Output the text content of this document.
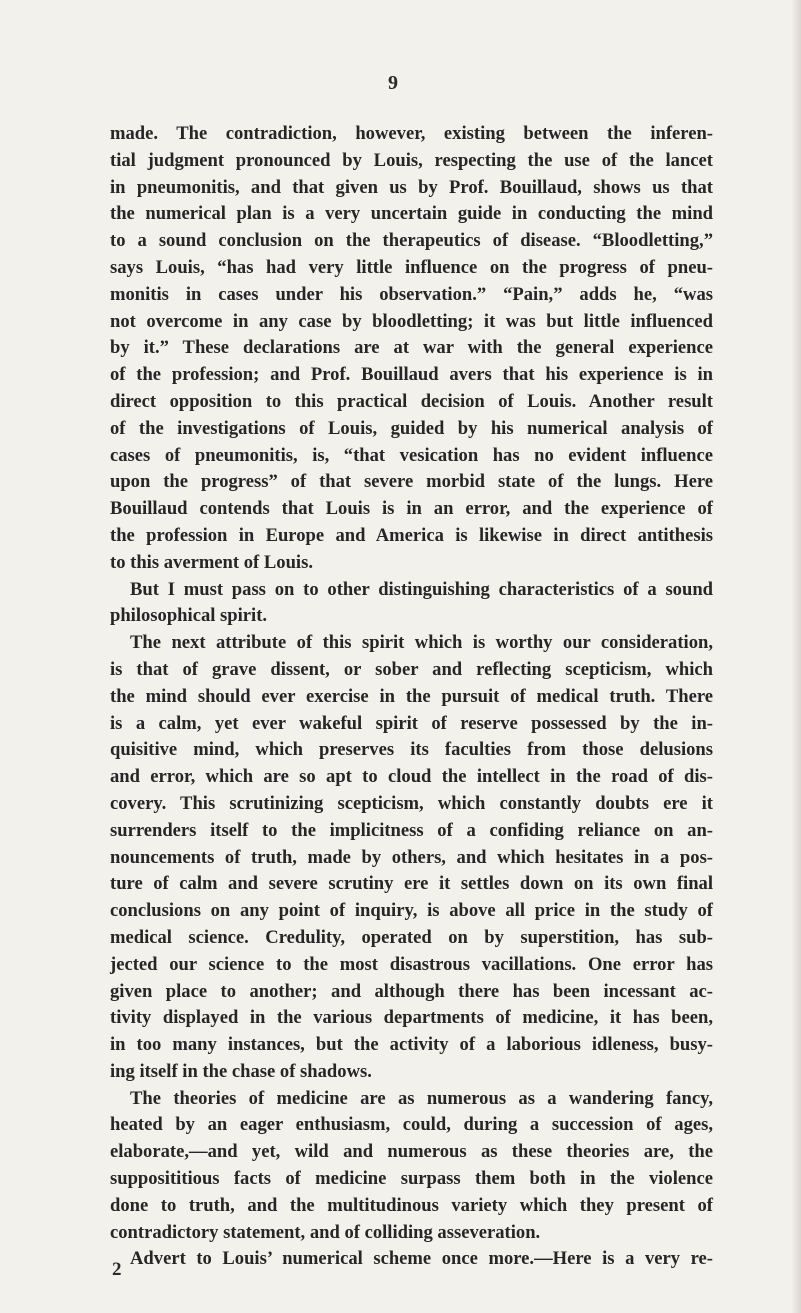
9
made. The contradiction, however, existing between the inferen-
tial judgment pronounced by Louis, respecting the use of the lancet
in pneumonitis, and that given us by Prof. Bouillaud, shows us that
the numerical plan is a very uncertain guide in conducting the mind
to a sound conclusion on the therapeutics of disease. “Bloodletting,”
says Louis, “has had very little influence on the progress of pneu-
monitis in cases under his observation.” “Pain,” adds he, “was
not overcome in any case by bloodletting; it was but little influenced
by it.” These declarations are at war with the general experience
of the profession; and Prof. Bouillaud avers that his experience is in
direct opposition to this practical decision of Louis. Another result
of the investigations of Louis, guided by his numerical analysis of
cases of pneumonitis, is, “that vesication has no evident influence
upon the progress” of that severe morbid state of the lungs. Here
Bouillaud contends that Louis is in an error, and the experience of
the profession in Europe and America is likewise in direct antithesis
to this averment of Louis.
But I must pass on to other distinguishing characteristics of a sound
philosophical spirit.
The next attribute of this spirit which is worthy our consideration,
is that of grave dissent, or sober and reflecting scepticism, which
the mind should ever exercise in the pursuit of medical truth. There
is a calm, yet ever wakeful spirit of reserve possessed by the in-
quisitive mind, which preserves its faculties from those delusions
and error, which are so apt to cloud the intellect in the road of dis-
covery. This scrutinizing scepticism, which constantly doubts ere it
surrenders itself to the implicitness of a confiding reliance on an-
nouncements of truth, made by others, and which hesitates in a pos-
ture of calm and severe scrutiny ere it settles down on its own final
conclusions on any point of inquiry, is above all price in the study of
medical science. Credulity, operated on by superstition, has sub-
jected our science to the most disastrous vacillations. One error has
given place to another; and although there has been incessant ac-
tivity displayed in the various departments of medicine, it has been,
in too many instances, but the activity of a laborious idleness, busy-
ing itself in the chase of shadows.
The theories of medicine are as numerous as a wandering fancy,
heated by an eager enthusiasm, could, during a succession of ages,
elaborate,—and yet, wild and numerous as these theories are, the
supposititious facts of medicine surpass them both in the violence
done to truth, and the multitudinous variety which they present of
contradictory statement, and of colliding asseveration.
Advert to Louis’ numerical scheme once more.—Here is a very re-
2
